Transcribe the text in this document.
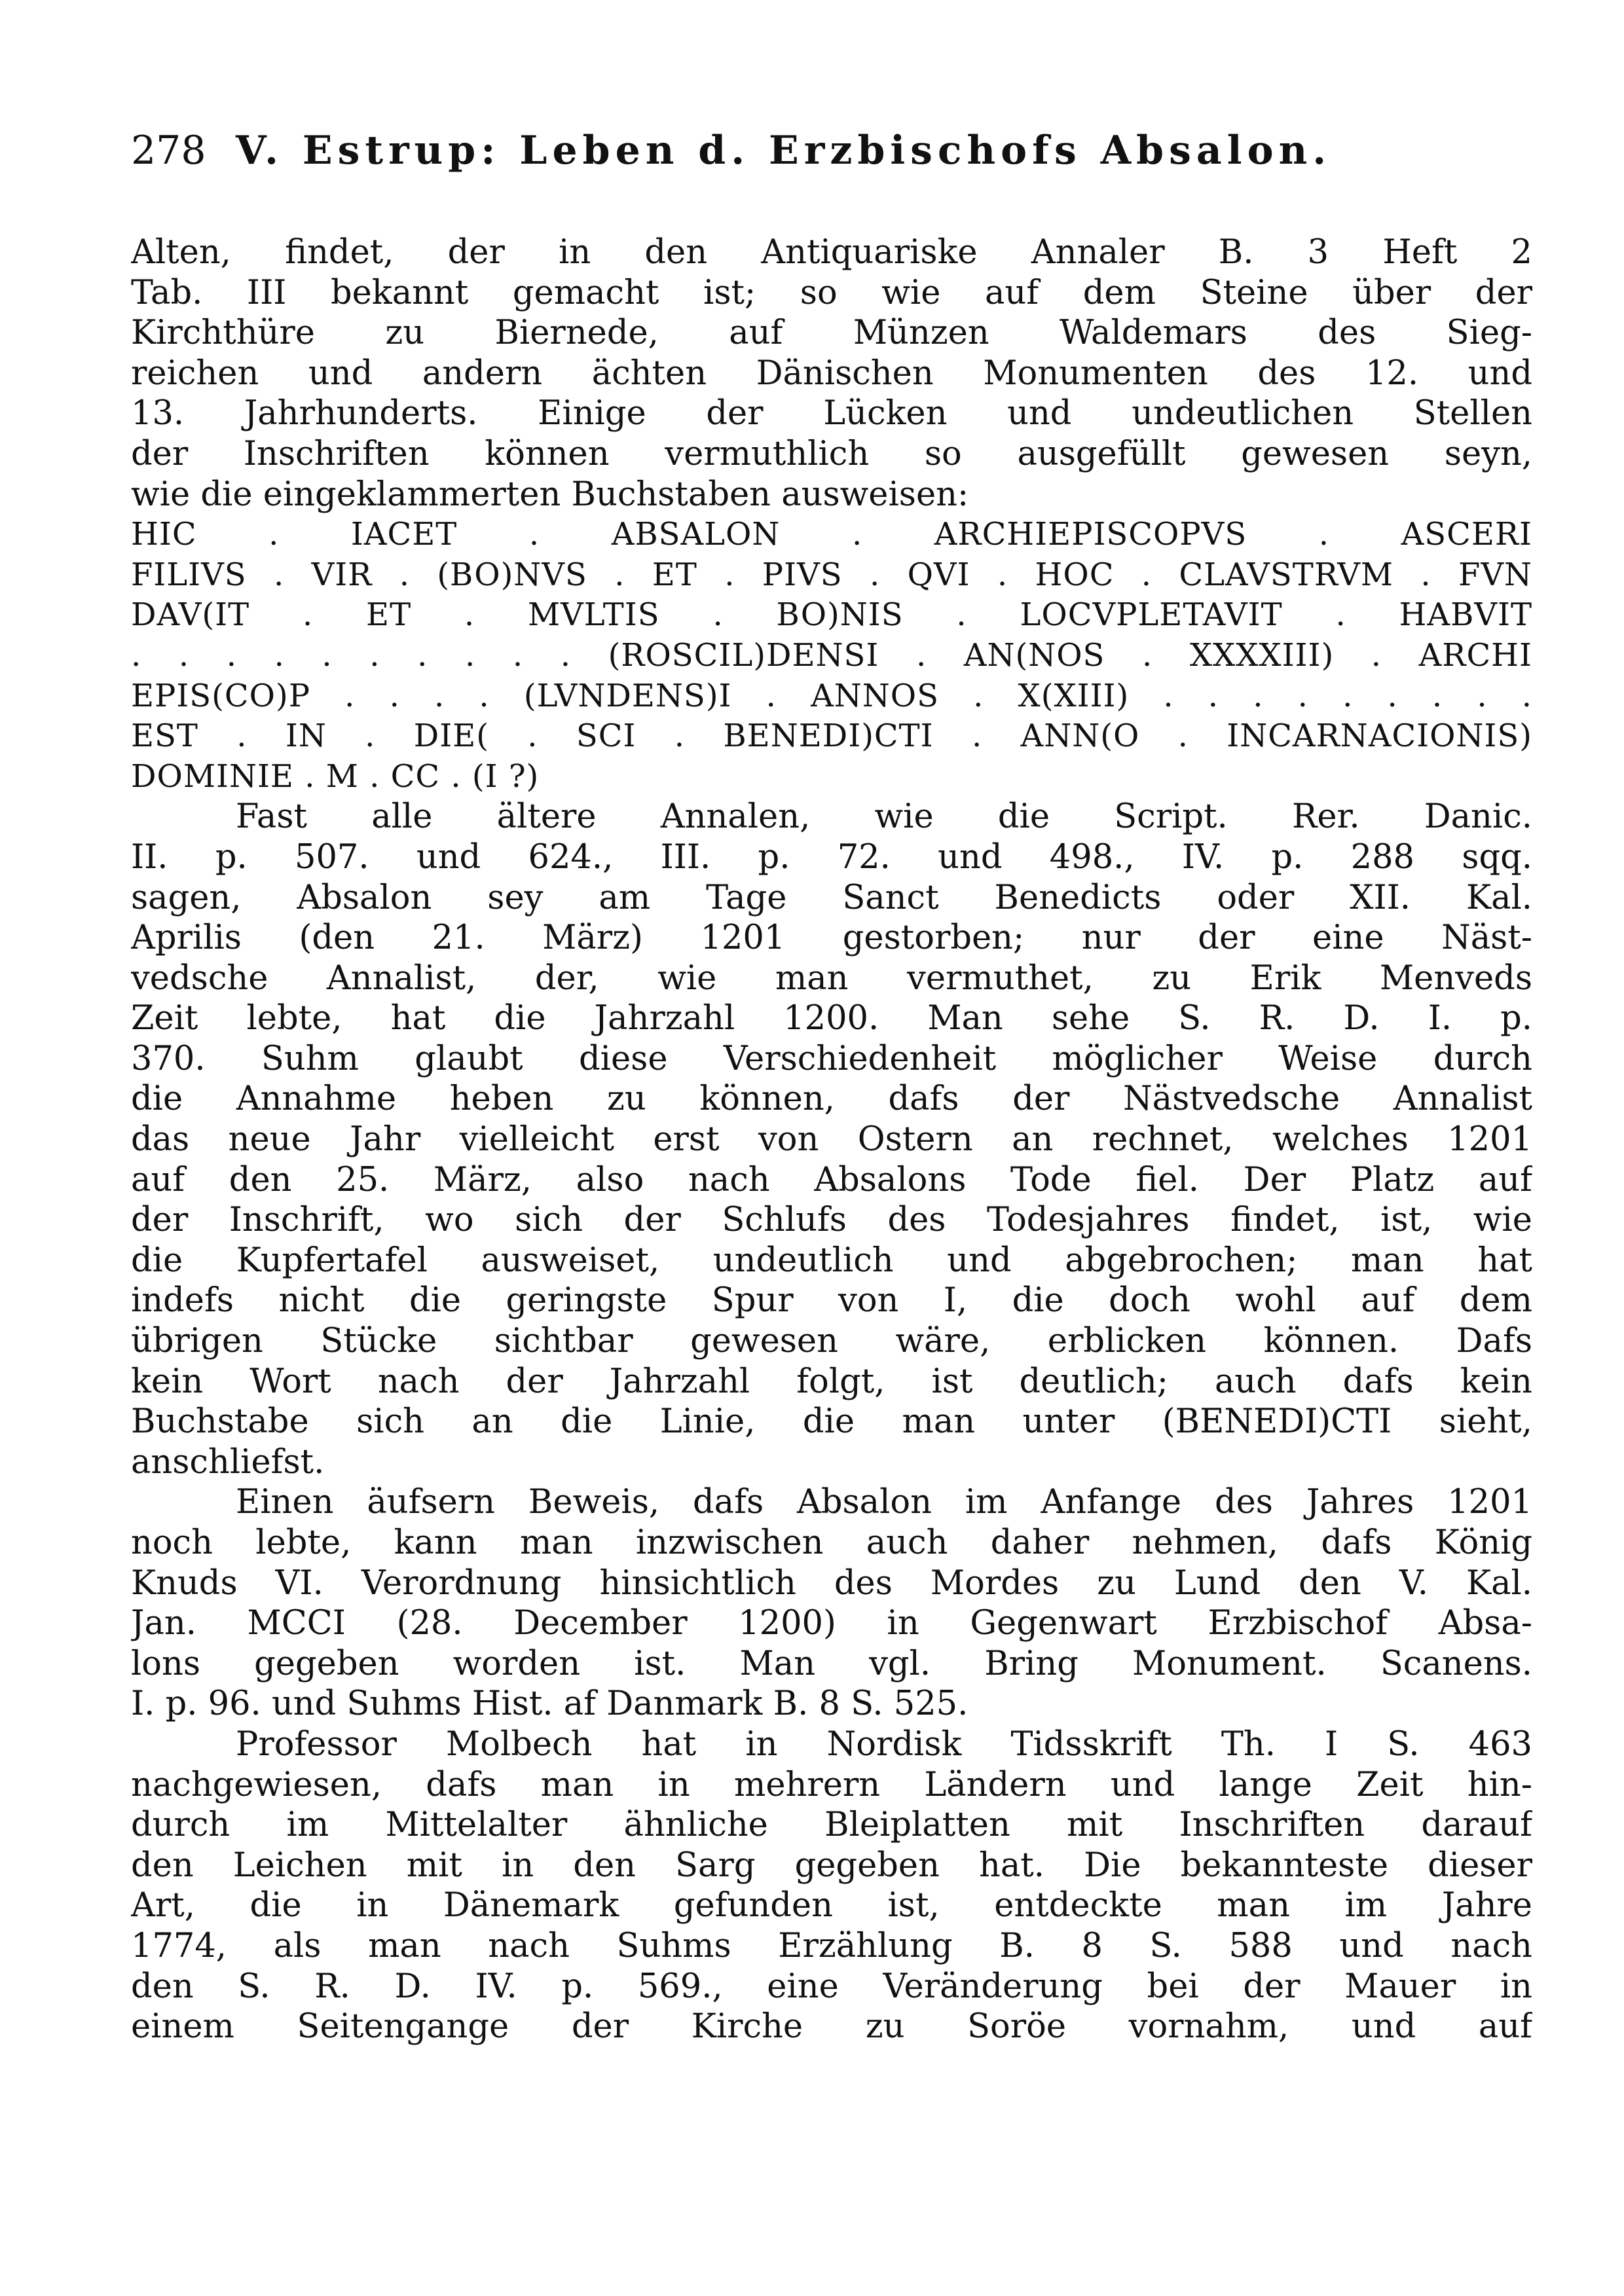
278 V. Estrup: Leben d. Erzbischofs Absalon.
Alten, findet, der in den Antiquariske Annaler B. 3 Heft 2
Tab. III bekannt gemacht ist; so wie auf dem Steine über der
Kirchthüre zu Biernede, auf Münzen Waldemars des Sieg-
reichen und andern ächten Dänischen Monumenten des 12. und
13. Jahrhunderts. Einige der Lücken und undeutlichen Stellen
der Inschriften können vermuthlich so ausgefüllt gewesen seyn,
wie die eingeklammerten Buchstaben ausweisen:
HIC . IACET . ABSALON . ARCHIEPISCOPVS . ASCERI
FILIVS . VIR . (BO)NVS . ET . PIVS . QVI . HOC . CLAVSTRVM . FVN
DAV(IT . ET . MVLTIS . BO)NIS . LOCVPLETAVIT . HABVIT
. . . . . . . . . . (ROSCIL)DENSI . AN(NOS . XXXXIII) . ARCHI
EPIS(CO)P . . . . (LVNDENS)I . ANNOS . X(XIII) . . . . . . . . .
EST . IN . DIE( . SCI . BENEDI)CTI . ANN(O . INCARNACIONIS)
DOMINIE . M . CC . (I ?)
Fast alle ältere Annalen, wie die Script. Rer. Danic.
II. p. 507. und 624., III. p. 72. und 498., IV. p. 288 sqq.
sagen, Absalon sey am Tage Sanct Benedicts oder XII. Kal.
Aprilis (den 21. März) 1201 gestorben; nur der eine Näst-
vedsche Annalist, der, wie man vermuthet, zu Erik Menveds
Zeit lebte, hat die Jahrzahl 1200. Man sehe S. R. D. I. p.
370. Suhm glaubt diese Verschiedenheit möglicher Weise durch
die Annahme heben zu können, dafs der Nästvedsche Annalist
das neue Jahr vielleicht erst von Ostern an rechnet, welches 1201
auf den 25. März, also nach Absalons Tode fiel. Der Platz auf
der Inschrift, wo sich der Schlufs des Todesjahres findet, ist, wie
die Kupfertafel ausweiset, undeutlich und abgebrochen; man hat
indefs nicht die geringste Spur von I, die doch wohl auf dem
übrigen Stücke sichtbar gewesen wäre, erblicken können. Dafs
kein Wort nach der Jahrzahl folgt, ist deutlich; auch dafs kein
Buchstabe sich an die Linie, die man unter (BENEDI)CTI sieht,
anschliefst.
Einen äufsern Beweis, dafs Absalon im Anfange des Jahres 1201
noch lebte, kann man inzwischen auch daher nehmen, dafs König
Knuds VI. Verordnung hinsichtlich des Mordes zu Lund den V. Kal.
Jan. MCCI (28. December 1200) in Gegenwart Erzbischof Absa-
lons gegeben worden ist. Man vgl. Bring Monument. Scanens.
I. p. 96. und Suhms Hist. af Danmark B. 8 S. 525.
Professor Molbech hat in Nordisk Tidsskrift Th. I S. 463
nachgewiesen, dafs man in mehrern Ländern und lange Zeit hin-
durch im Mittelalter ähnliche Bleiplatten mit Inschriften darauf
den Leichen mit in den Sarg gegeben hat. Die bekannteste dieser
Art, die in Dänemark gefunden ist, entdeckte man im Jahre
1774, als man nach Suhms Erzählung B. 8 S. 588 und nach
den S. R. D. IV. p. 569., eine Veränderung bei der Mauer in
einem Seitengange der Kirche zu Soröe vornahm, und auf
